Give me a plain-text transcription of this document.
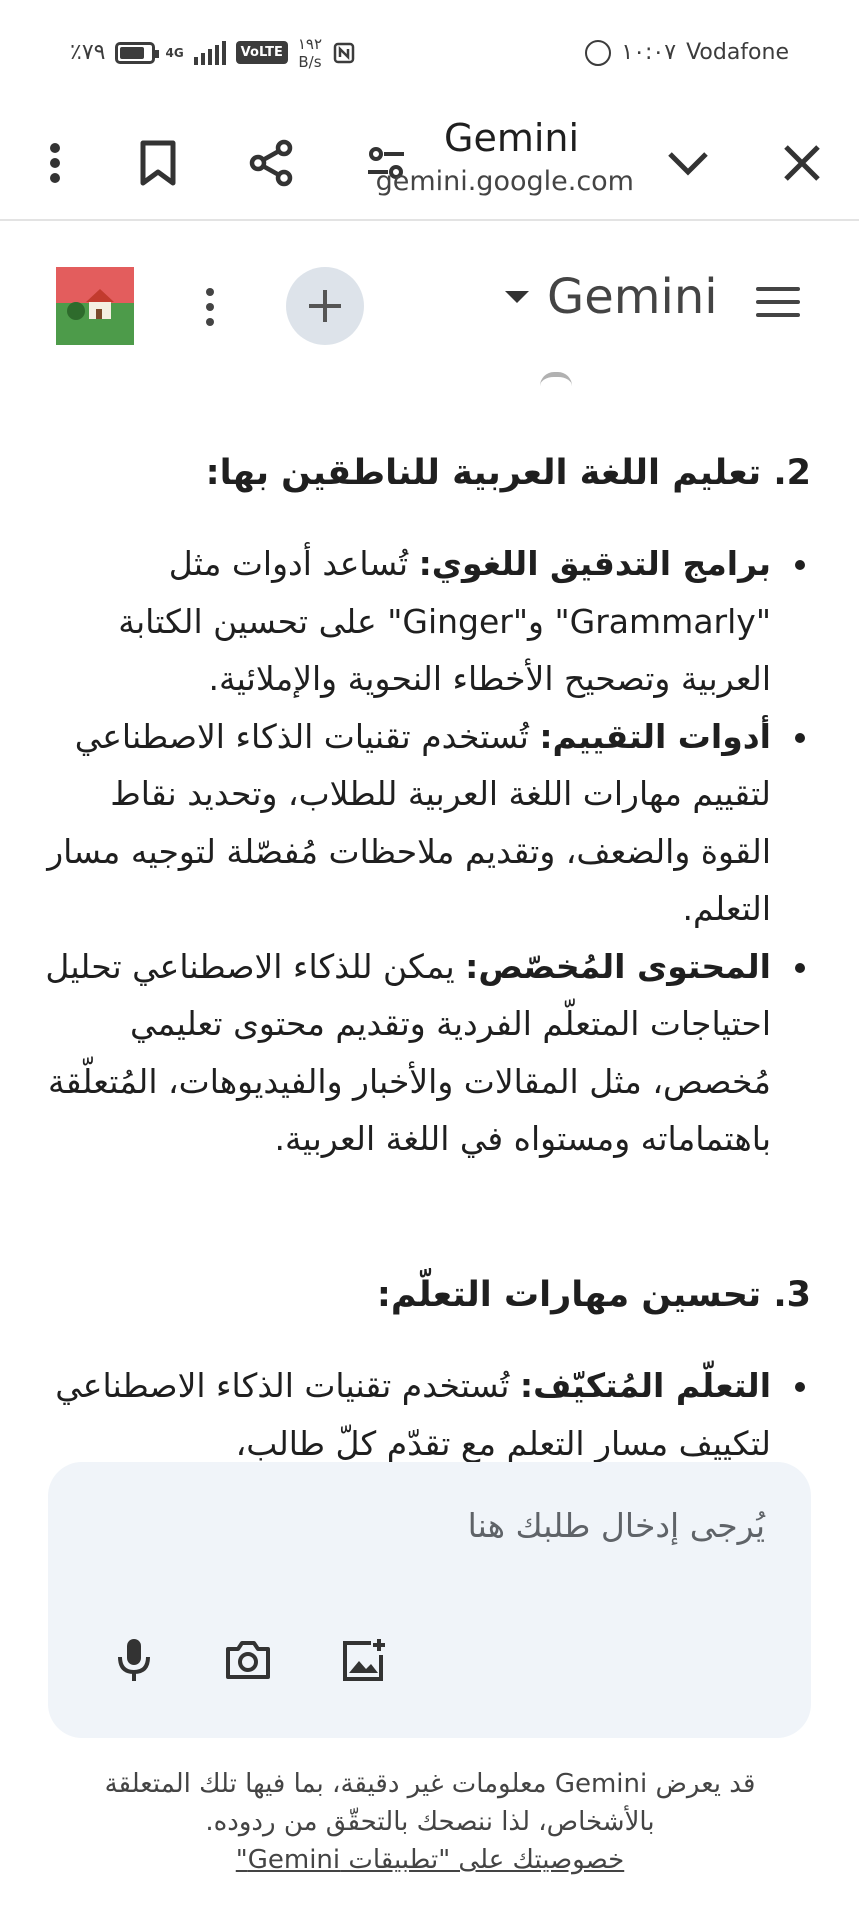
٪٧٩	4G	VoLTE	١٩٢
B/s	١٠:٠٧ Vodafone
Gemini
gemini.google.com
Gemini
2. تعليم اللغة العربية للناطقين بها:
برامج التدقيق اللغوي: تُساعد أدوات مثل "Grammarly" و"Ginger" على تحسين الكتابة العربية وتصحيح الأخطاء النحوية والإملائية.
أدوات التقييم: تُستخدم تقنيات الذكاء الاصطناعي لتقييم مهارات اللغة العربية للطلاب، وتحديد نقاط القوة والضعف، وتقديم ملاحظات مُفصّلة لتوجيه مسار التعلم.
المحتوى المُخصّص: يمكن للذكاء الاصطناعي تحليل احتياجات المتعلّم الفردية وتقديم محتوى تعليمي مُخصص، مثل المقالات والأخبار والفيديوهات، المُتعلّقة باهتماماته ومستواه في اللغة العربية.
3. تحسين مهارات التعلّم:
التعلّم المُتكيّف: تُستخدم تقنيات الذكاء الاصطناعي لتكييف مسار التعلم مع تقدّم كلّ طالب،
يُرجى إدخال طلبك هنا
قد يعرض Gemini معلومات غير دقيقة، بما فيها تلك المتعلقة بالأشخاص، لذا ننصحك بالتحقّق من ردوده.
خصوصيتك على "تطبيقات Gemini"
